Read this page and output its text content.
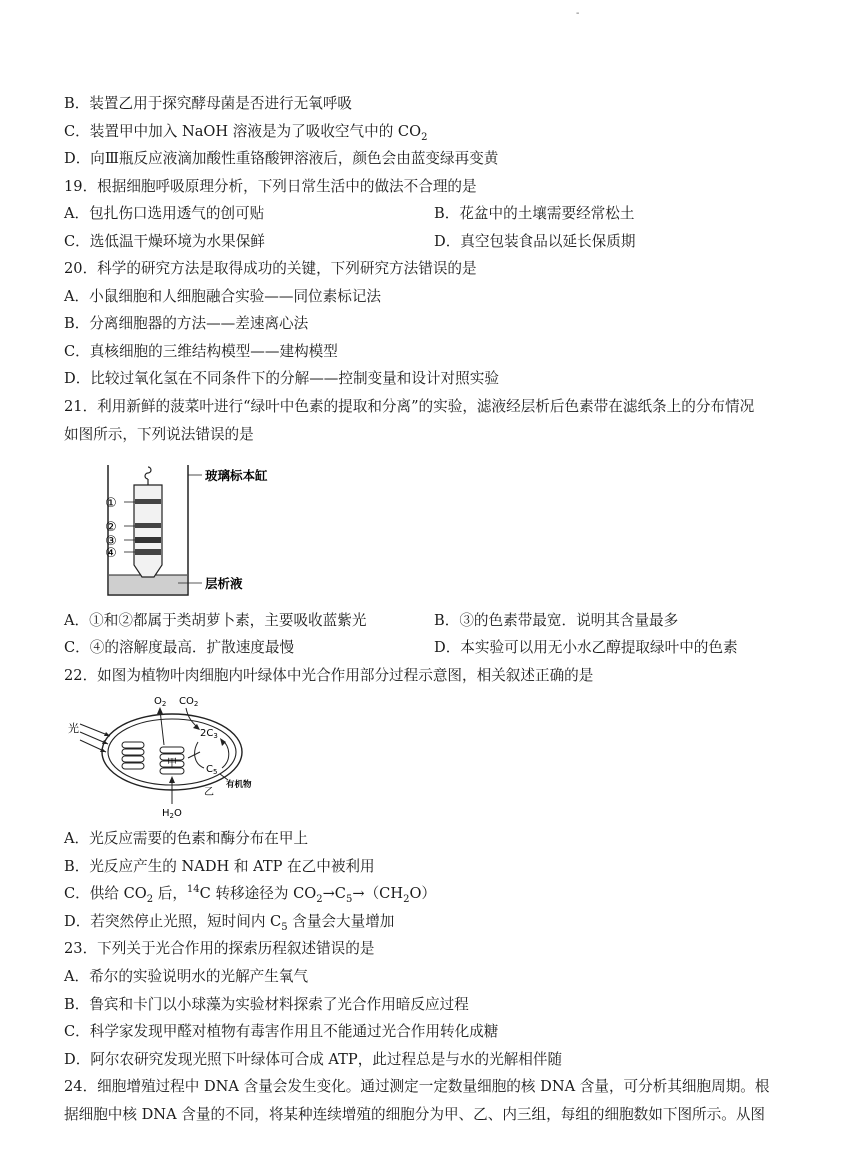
-
B．装置乙用于探究酵母菌是否进行无氧呼吸
C．装置甲中加入 NaOH 溶液是为了吸收空气中的 $CO_2$
D．向Ⅲ瓶反应液滴加酸性重铬酸钾溶液后，颜色会由蓝变绿再变黄
19．根据细胞呼吸原理分析，下列日常生活中的做法不合理的是
A．包扎伤口选用透气的创可贴	B．花盆中的土壤需要经常松土
C．选低温干燥环境为水果保鲜	D．真空包装食品以延长保质期
20．科学的研究方法是取得成功的关键，下列研究方法错误的是
A．小鼠细胞和人细胞融合实验——同位素标记法
B．分离细胞器的方法——差速离心法
C．真核细胞的三维结构模型——建构模型
D．比较过氧化氢在不同条件下的分解——控制变量和设计对照实验
21．利用新鲜的菠菜叶进行“绿叶中色素的提取和分离”的实验，滤液经层析后色素带在滤纸条上的分布情况
如图所示，下列说法错误的是
①
②
③
④
玻璃标本缸
层析液
A．①和②都属于类胡萝卜素，主要吸收蓝紫光	B．③的色素带最宽．说明其含量最多
C．④的溶解度最高．扩散速度最慢	D．本实验可以用无小水乙醇提取绿叶中的色素
22．如图为植物叶肉细胞内叶绿体中光合作用部分过程示意图，相关叙述正确的是
光
甲
$O_2$ $CO_2$
$2C_3$
$C_5$
有机物
乙
$H_2O$
A．光反应需要的色素和酶分布在甲上
B．光反应产生的 NADH 和 ATP 在乙中被利用
C．供给 $CO_2$ 后，$^{14}$C 转移途径为 $CO_2\to C_5\to(CH_2O)$
D．若突然停止光照，短时间内 $C_5$ 含量会大量增加
23．下列关于光合作用的探索历程叙述错误的是
A．希尔的实验说明水的光解产生氧气
B．鲁宾和卡门以小球藻为实验材料探索了光合作用暗反应过程
C．科学家发现甲醛对植物有毒害作用且不能通过光合作用转化成糖
D．阿尔农研究发现光照下叶绿体可合成 ATP，此过程总是与水的光解相伴随
24．细胞增殖过程中 DNA 含量会发生变化。通过测定一定数量细胞的核 DNA 含量，可分析其细胞周期。根
据细胞中核 DNA 含量的不同，将某种连续增殖的细胞分为甲、乙、内三组，每组的细胞数如下图所示。从图
